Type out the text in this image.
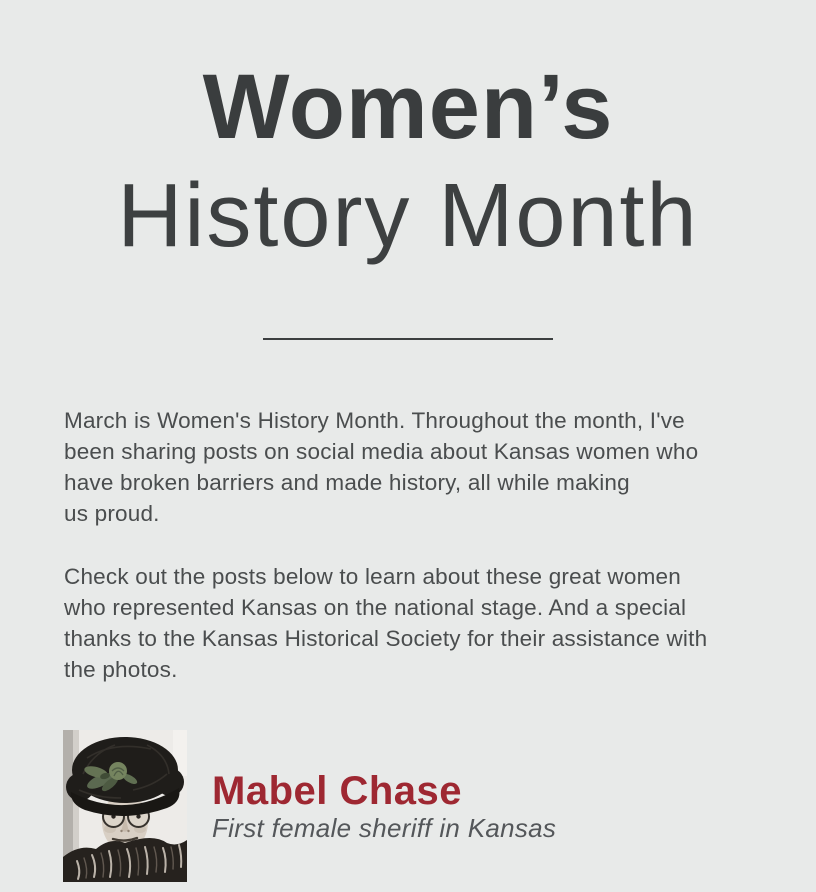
Women’s
History Month

March is Women's History Month. Throughout the month, I've
been sharing posts on social media about Kansas women who
have broken barriers and made history, all while making
us proud.

Check out the posts below to learn about these great women
who represented Kansas on the national stage. And a special
thanks to the Kansas Historical Society for their assistance with
the photos.

Mabel Chase

First female sheriff in Kansas
